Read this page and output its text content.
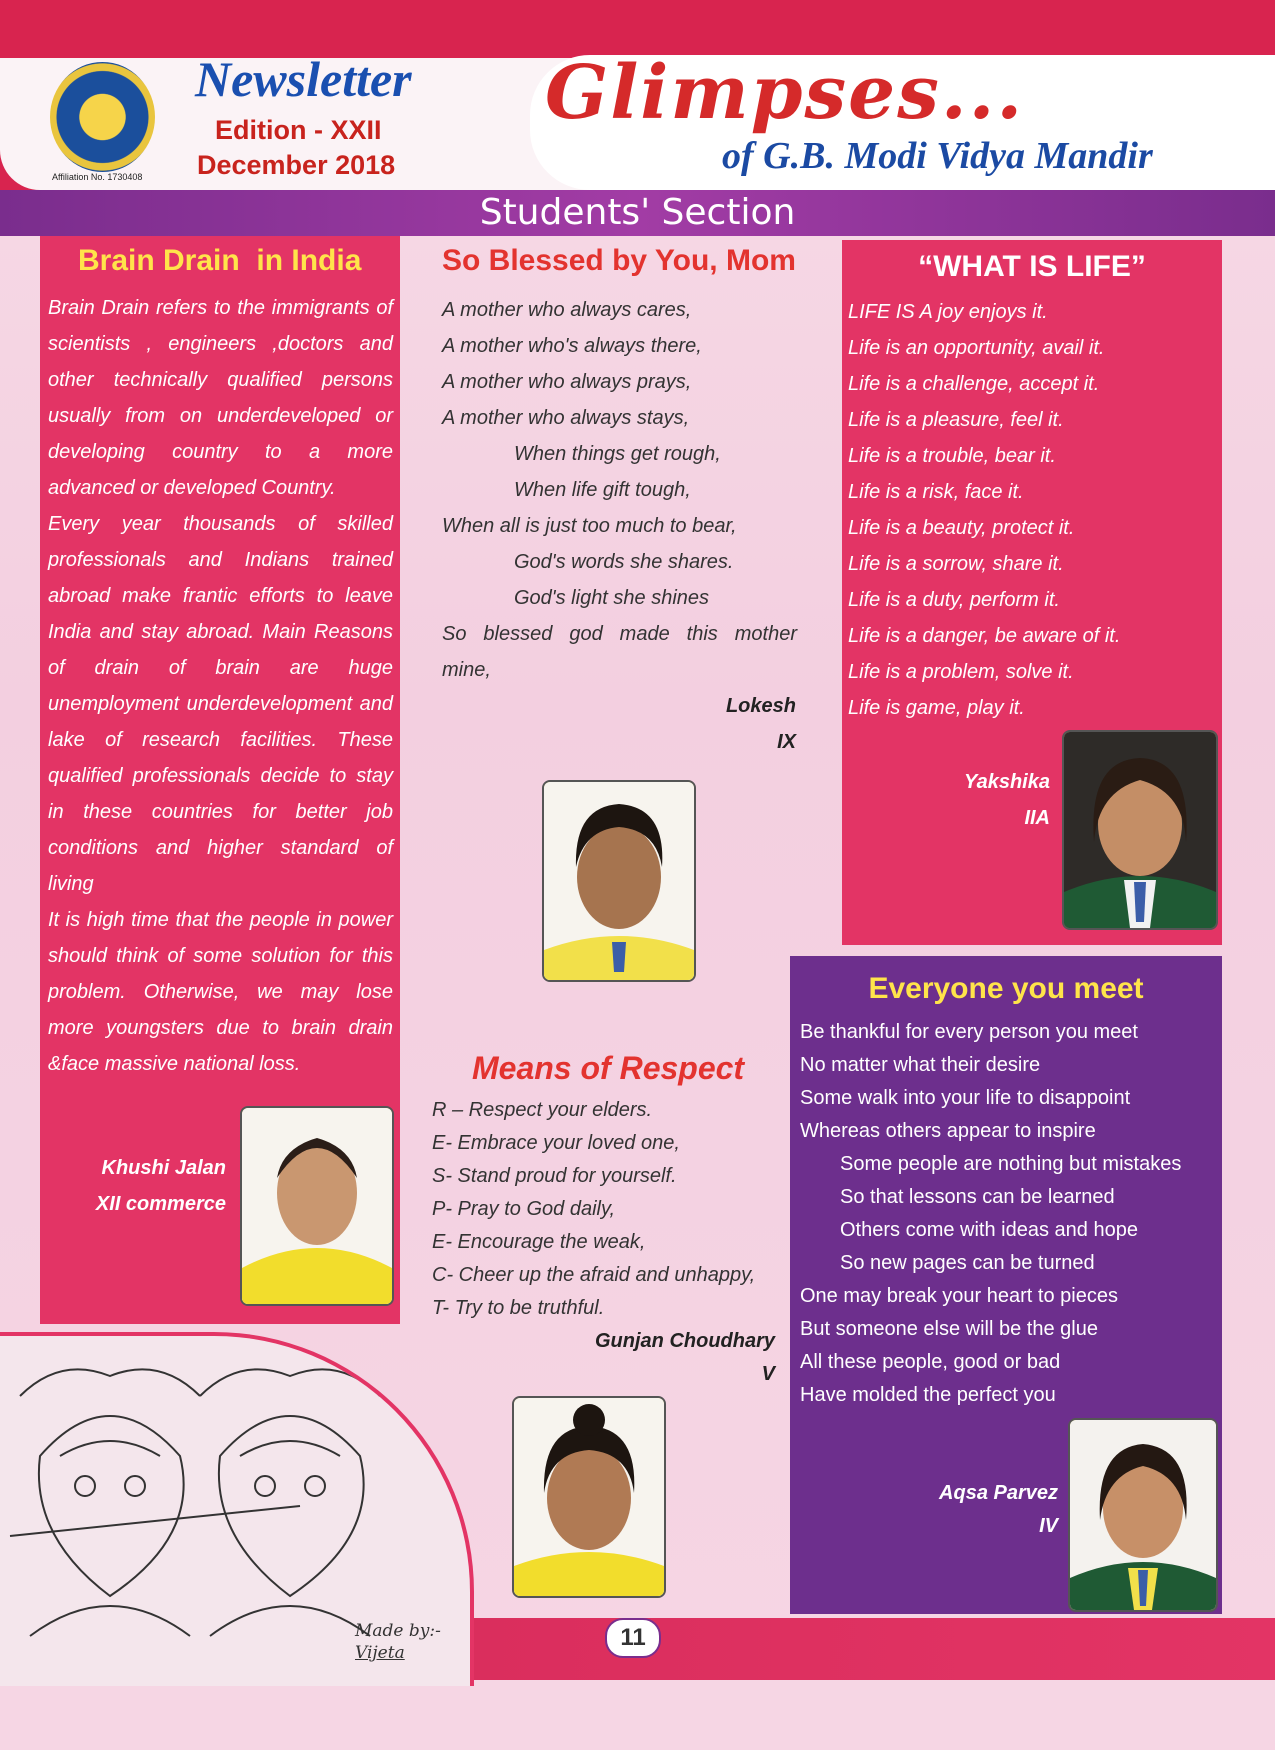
Affiliation No. 1730408
Newsletter
Edition - XXII
December 2018
Glimpses...
of G.B. Modi Vidya Mandir
Students' Section
Brain Drain  in India

Brain Drain refers to the immigrants of scientists , engineers ,doctors and other technically qualified persons usually from on underdeveloped or developing country to a more advanced or developed Country.

Every year thousands of skilled professionals and Indians trained abroad make frantic efforts to leave India and stay abroad. Main Reasons of drain of brain are huge unemployment underdevelopment and lake of research facilities. These qualified professionals decide to stay in these countries for better job conditions and higher standard of living

It is high time that the people in power should think of some solution for this problem. Otherwise, we may lose more youngsters due to brain drain &face massive national loss.

Khushi Jalan
XII commerce
So Blessed by You, Mom
A mother who always cares,
A mother who's always there,
A mother who always prays,
A mother who always stays,
When things get rough,
When life gift tough,
When all is just too much to bear,
God's words she shares.
God's light she shines
So blessed god made this mother mine,
Lokesh
IX
Means of Respect
R – Respect your elders.
E- Embrace your loved one,
S- Stand proud for yourself.
P- Pray to God daily,
E- Encourage the weak,
C- Cheer up the afraid and unhappy,
T- Try to be truthful.
Gunjan Choudhary
V
“WHAT IS LIFE”
LIFE IS A joy enjoys it.
Life is an opportunity, avail it.
Life is a challenge, accept it.
Life is a pleasure, feel it.
Life is a trouble, bear it.
Life is a risk, face it.
Life is a beauty, protect it.
Life is a sorrow, share it.
Life is a duty, perform it.
Life is a danger, be aware of it.
Life is a problem, solve it.
Life is game, play it.
Yakshika
IIA
Everyone you meet
Be thankful for every person you meet
No matter what their desire
Some walk into your life to disappoint
Whereas others appear to inspire
Some people are nothing but mistakes
So that lessons can be learned
Others come with ideas and hope
So new pages can be turned
One may break your heart to pieces
But someone else will be the glue
All these people, good or bad
Have molded the perfect you
Aqsa Parvez
IV
Made by:-
Vijeta
11
